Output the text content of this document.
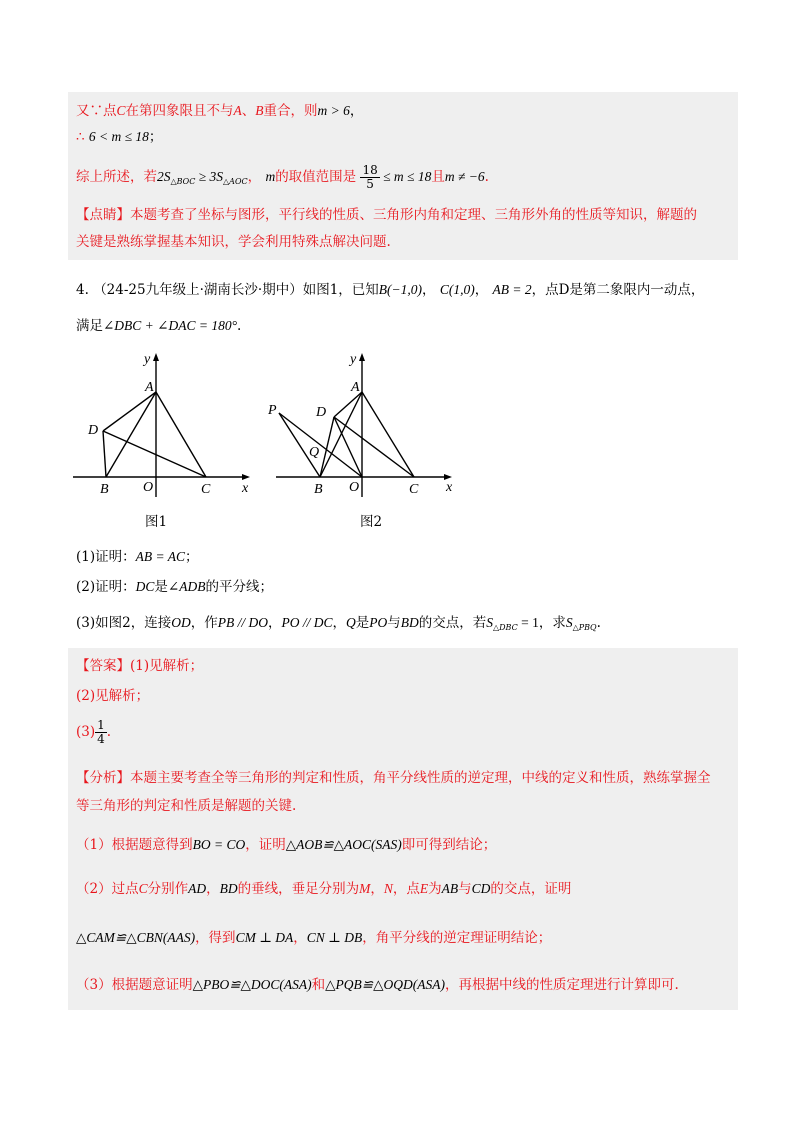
又∵点C在第四象限且不与A、B重合，则m > 6，
∴ 6 < m ≤ 18；
综上所述，若$2S_{\triangle BOC} \ge 3S_{\triangle AOC}$， m的取值范围是 $\frac{18}{5} \le m \le 18$且m ≠ −6.
【点睛】本题考查了坐标与图形，平行线的性质、三角形内角和定理、三角形外角的性质等知识，解题的
关键是熟练掌握基本知识，学会利用特殊点解决问题.
4. （24-25九年级上·湖南长沙·期中）如图1，已知B(−1,0)， C(1,0)， AB = 2，点D是第二象限内一动点，
满足∠DBC + ∠DAC = 180°.
y
x
A
D
B O	C
图1
y
x
A
P	D
Q
B O	C
图2
(1)证明：AB = AC；
(2)证明：DC是∠ADB的平分线；
(3)如图2，连接OD，作PB // DO，PO // DC，Q是PO与BD的交点，若$S_{\triangle DBC} = 1$，求$S_{\triangle PBQ}$.
【答案】(1)见解析；
(2)见解析；
$(3) \frac{1}{4}$ .
【分析】本题主要考查全等三角形的判定和性质，角平分线性质的逆定理，中线的定义和性质，熟练掌握全
等三角形的判定和性质是解题的关键.
（1）根据题意得到BO = CO，证明△AOB≌△AOC(SAS)即可得到结论；
（2）过点C分别作AD，BD的垂线，垂足分别为M，N，点E为AB与CD的交点，证明
△CAM≌△CBN(AAS)，得到CM ⊥ DA，CN ⊥ DB，角平分线的逆定理证明结论；
（3）根据题意证明△PBO≌△DOC(ASA)和△PQB≌△OQD(ASA)，再根据中线的性质定理进行计算即可.
